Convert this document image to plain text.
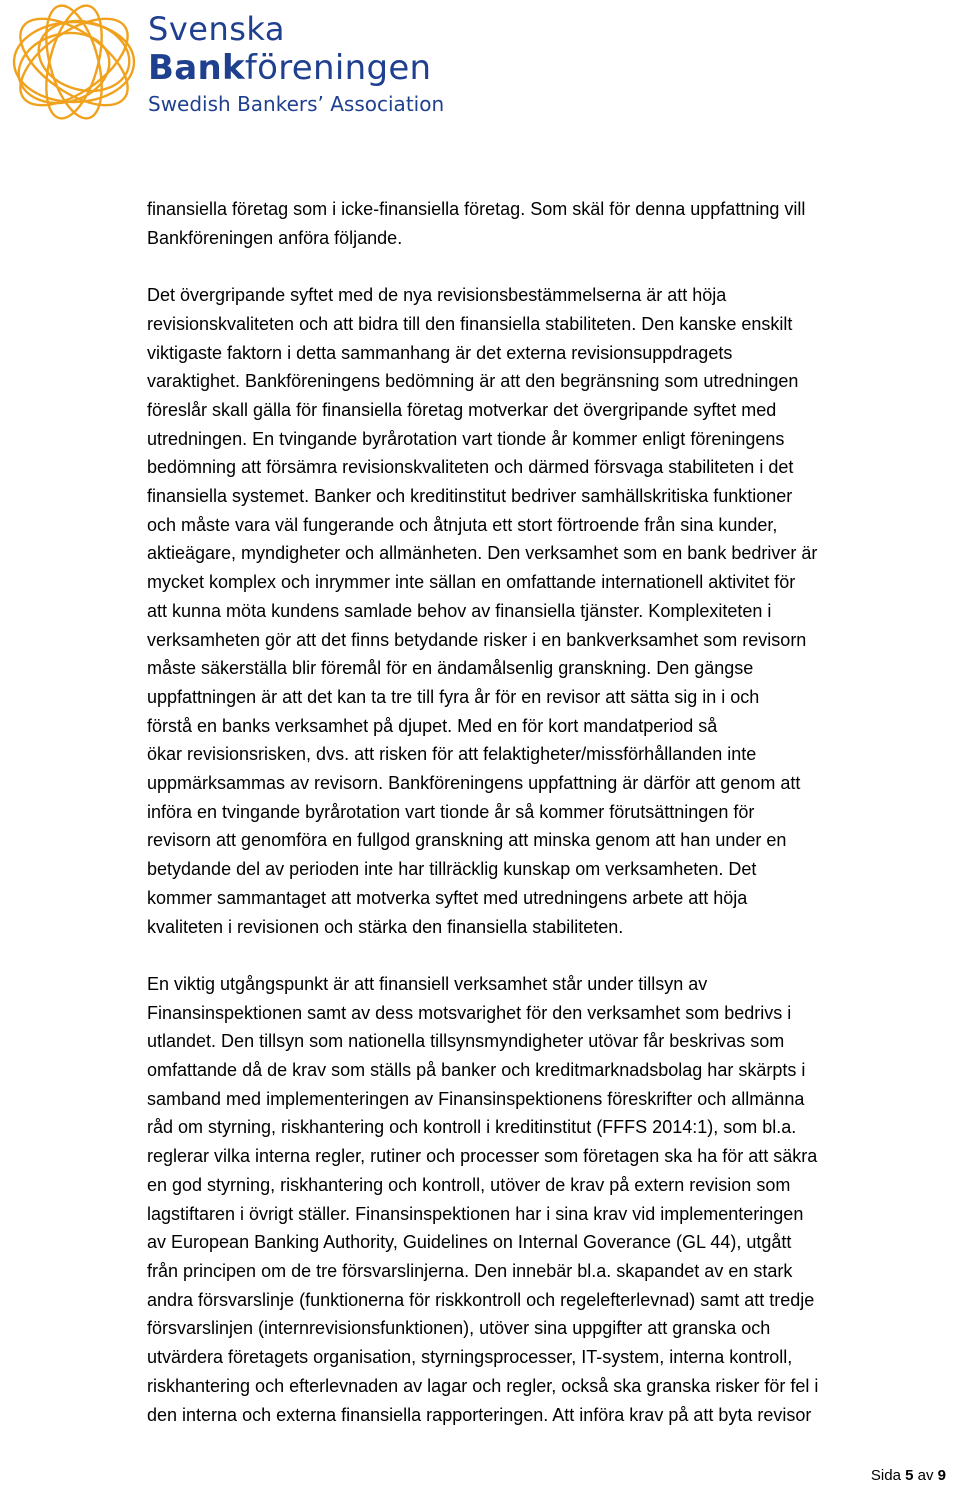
Svenska
Bankföreningen
Swedish Bankers’ Association

finansiella företag som i icke-finansiella företag. Som skäl för denna uppfattning vill
Bankföreningen anföra följande.

Det övergripande syftet med de nya revisionsbestämmelserna är att höja
revisionskvaliteten och att bidra till den finansiella stabiliteten. Den kanske enskilt
viktigaste faktorn i detta sammanhang är det externa revisionsuppdragets
varaktighet. Bankföreningens bedömning är att den begränsning som utredningen
föreslår skall gälla för finansiella företag motverkar det övergripande syftet med
utredningen. En tvingande byrårotation vart tionde år kommer enligt föreningens
bedömning att försämra revisionskvaliteten och därmed försvaga stabiliteten i det
finansiella systemet. Banker och kreditinstitut bedriver samhällskritiska funktioner
och måste vara väl fungerande och åtnjuta ett stort förtroende från sina kunder,
aktieägare, myndigheter och allmänheten. Den verksamhet som en bank bedriver är
mycket komplex och inrymmer inte sällan en omfattande internationell aktivitet för
att kunna möta kundens samlade behov av finansiella tjänster. Komplexiteten i
verksamheten gör att det finns betydande risker i en bankverksamhet som revisorn
måste säkerställa blir föremål för en ändamålsenlig granskning. Den gängse
uppfattningen är att det kan ta tre till fyra år för en revisor att sätta sig in i och
förstå en banks verksamhet på djupet. Med en för kort mandatperiod så
ökar revisionsrisken, dvs. att risken för att felaktigheter/missförhållanden inte
uppmärksammas av revisorn. Bankföreningens uppfattning är därför att genom att
införa en tvingande byrårotation vart tionde år så kommer förutsättningen för
revisorn att genomföra en fullgod granskning att minska genom att han under en
betydande del av perioden inte har tillräcklig kunskap om verksamheten. Det
kommer sammantaget att motverka syftet med utredningens arbete att höja
kvaliteten i revisionen och stärka den finansiella stabiliteten.

En viktig utgångspunkt är att finansiell verksamhet står under tillsyn av
Finansinspektionen samt av dess motsvarighet för den verksamhet som bedrivs i
utlandet. Den tillsyn som nationella tillsynsmyndigheter utövar får beskrivas som
omfattande då de krav som ställs på banker och kreditmarknadsbolag har skärpts i
samband med implementeringen av Finansinspektionens föreskrifter och allmänna
råd om styrning, riskhantering och kontroll i kreditinstitut (FFFS 2014:1), som bl.a.
reglerar vilka interna regler, rutiner och processer som företagen ska ha för att säkra
en god styrning, riskhantering och kontroll, utöver de krav på extern revision som
lagstiftaren i övrigt ställer. Finansinspektionen har i sina krav vid implementeringen
av European Banking Authority, Guidelines on Internal Goverance (GL 44), utgått
från principen om de tre försvarslinjerna. Den innebär bl.a. skapandet av en stark
andra försvarslinje (funktionerna för riskkontroll och regelefterlevnad) samt att tredje
försvarslinjen (internrevisionsfunktionen), utöver sina uppgifter att granska och
utvärdera företagets organisation, styrningsprocesser, IT-system, interna kontroll,
riskhantering och efterlevnaden av lagar och regler, också ska granska risker för fel i
den interna och externa finansiella rapporteringen. Att införa krav på att byta revisor

Sida 5 av 9
